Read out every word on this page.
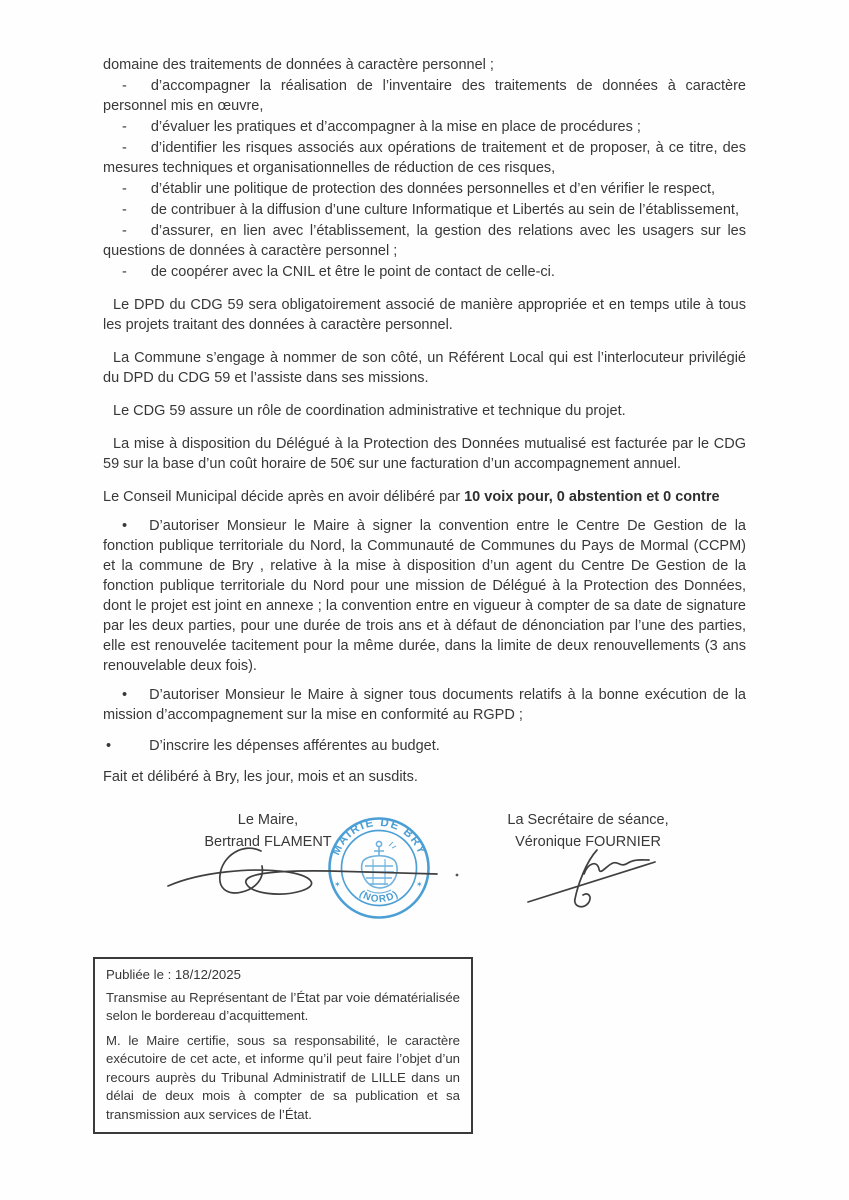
domaine des traitements de données à caractère personnel ;

- d’accompagner la réalisation de l’inventaire des traitements de données à caractère personnel mis en œuvre,

- d’évaluer les pratiques et d’accompagner à la mise en place de procédures ;

- d’identifier les risques associés aux opérations de traitement et de proposer, à ce titre, des mesures techniques et organisationnelles de réduction de ces risques,

- d’établir une politique de protection des données personnelles et d’en vérifier le respect,

- de contribuer à la diffusion d’une culture Informatique et Libertés au sein de l’établissement,

- d’assurer, en lien avec l’établissement, la gestion des relations avec les usagers sur les questions de données à caractère personnel ;

- de coopérer avec la CNIL et être le point de contact de celle-ci.

Le DPD du CDG 59 sera obligatoirement associé de manière appropriée et en temps utile à tous les projets traitant des données à caractère personnel.

La Commune s’engage à nommer de son côté, un Référent Local qui est l’interlocuteur privilégié du DPD du CDG 59 et l’assiste dans ses missions.

Le CDG 59 assure un rôle de coordination administrative et technique du projet.

La mise à disposition du Délégué à la Protection des Données mutualisé est facturée par le CDG 59 sur la base d’un coût horaire de 50€ sur une facturation d’un accompagnement annuel.

Le Conseil Municipal décide après en avoir délibéré par 10 voix pour, 0 abstention et 0 contre

• D’autoriser Monsieur le Maire à signer la convention entre le Centre De Gestion de la fonction publique territoriale du Nord, la Communauté de Communes du Pays de Mormal (CCPM) et la commune de Bry , relative à la mise à disposition d’un agent du Centre De Gestion de la fonction publique territoriale du Nord pour une mission de Délégué à la Protection des Données, dont le projet est joint en annexe ; la convention entre en vigueur à compter de sa date de signature par les deux parties, pour une durée de trois ans et à défaut de dénonciation par l’une des parties, elle est renouvelée tacitement pour la même durée, dans la limite de deux renouvellements (3 ans renouvelable deux fois).

• D’autoriser Monsieur le Maire à signer tous documents relatifs à la bonne exécution de la mission d’accompagnement sur la mise en conformité au RGPD ;

•	D’inscrire les dépenses afférentes au budget.

Fait et délibéré à Bry, les jour, mois et an susdits.

Le Maire,
Bertrand FLAMENT
La Secrétaire de séance,
Véronique FOURNIER
MAIRIE DE BRY
(NORD)
✶	✶

Publiée le : 18/12/2025

Transmise au Représentant de l’État par voie dématérialisée selon le bordereau d’acquittement.

M. le Maire certifie, sous sa responsabilité, le caractère exécutoire de cet acte, et informe qu’il peut faire l’objet d’un recours auprès du Tribunal Administratif de LILLE dans un délai de deux mois à compter de sa publication et sa transmission aux services de l’État.
